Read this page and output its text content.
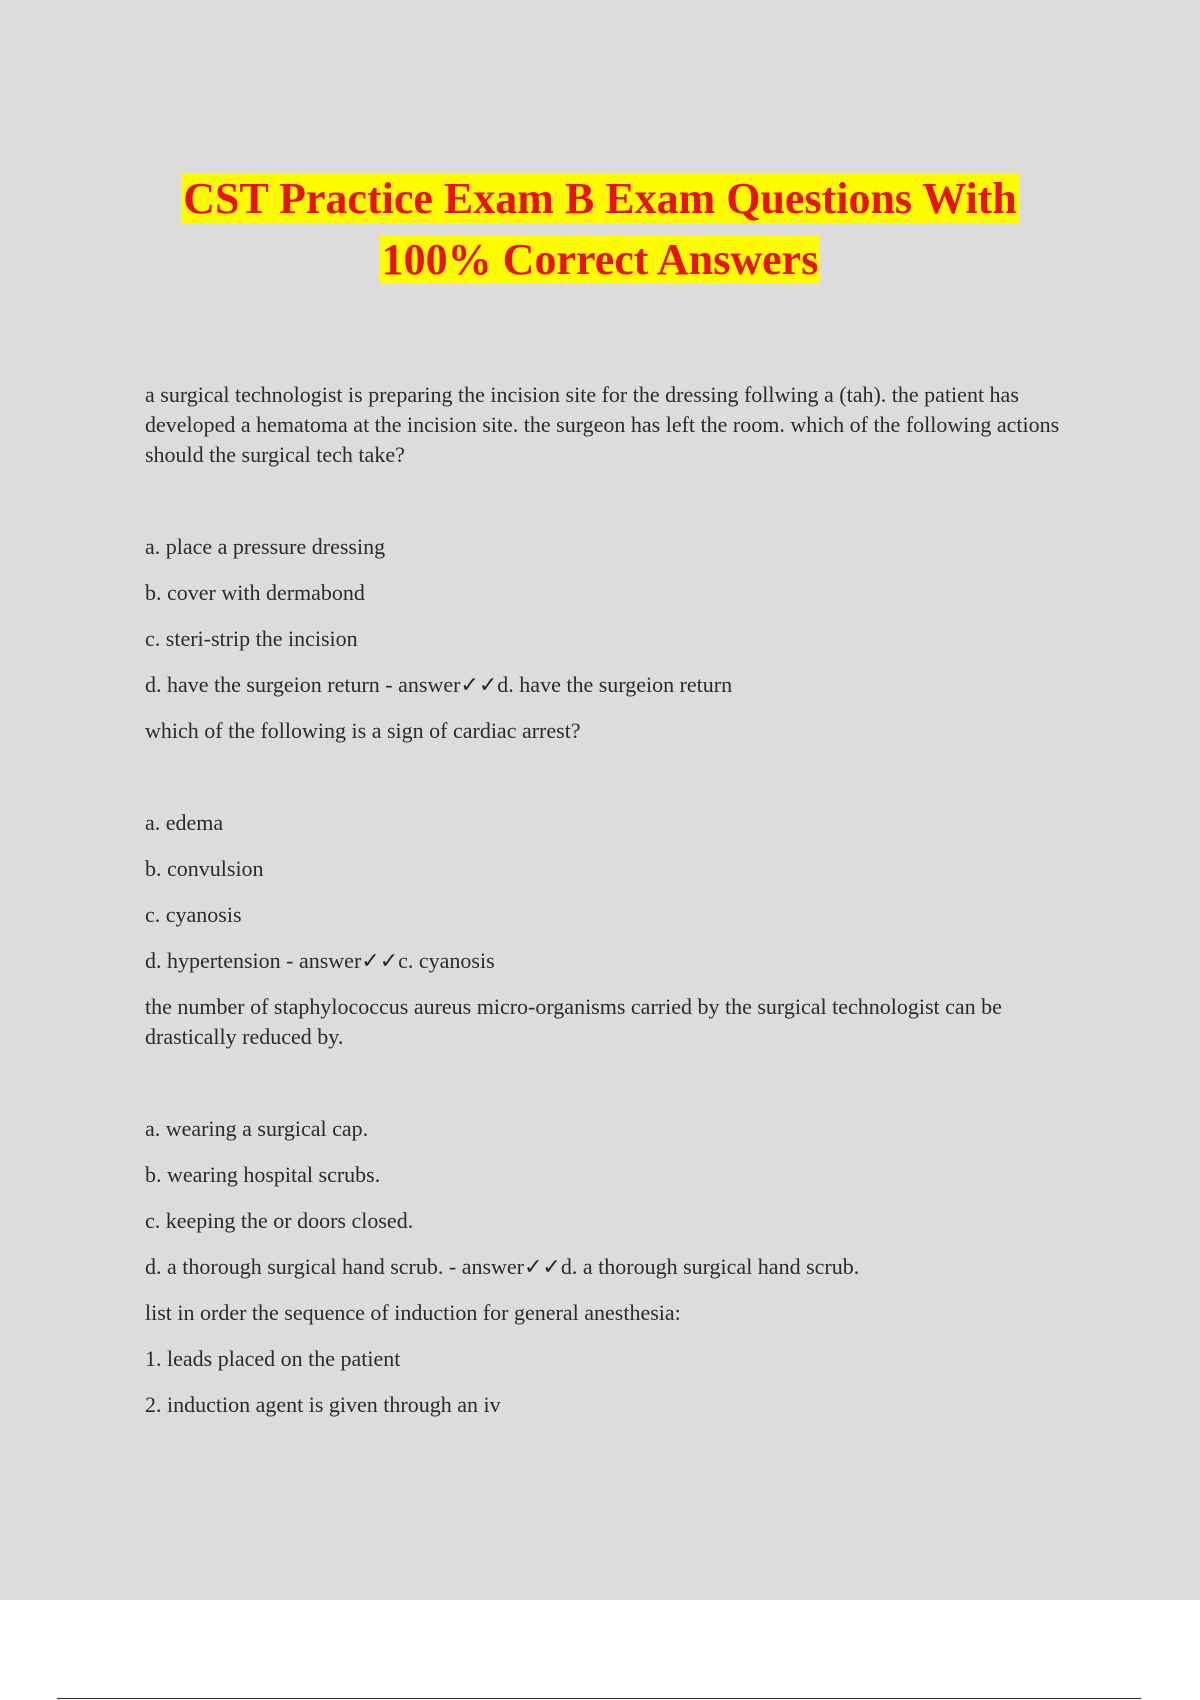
CST Practice Exam B Exam Questions With
100% Correct Answers

a surgical technologist is preparing the incision site for the dressing follwing a (tah). the patient has developed a hematoma at the incision site. the surgeon has left the room. which of the following actions should the surgical tech take?

a. place a pressure dressing

b. cover with dermabond

c. steri-strip the incision

d. have the surgeion return - answer✓✓d. have the surgeion return

which of the following is a sign of cardiac arrest?

a. edema

b. convulsion

c. cyanosis

d. hypertension - answer✓✓c. cyanosis

the number of staphylococcus aureus micro-organisms carried by the surgical technologist can be drastically reduced by.

a. wearing a surgical cap.

b. wearing hospital scrubs.

c. keeping the or doors closed.

d. a thorough surgical hand scrub. - answer✓✓d. a thorough surgical hand scrub.

list in order the sequence of induction for general anesthesia:

1. leads placed on the patient

2. induction agent is given through an iv
